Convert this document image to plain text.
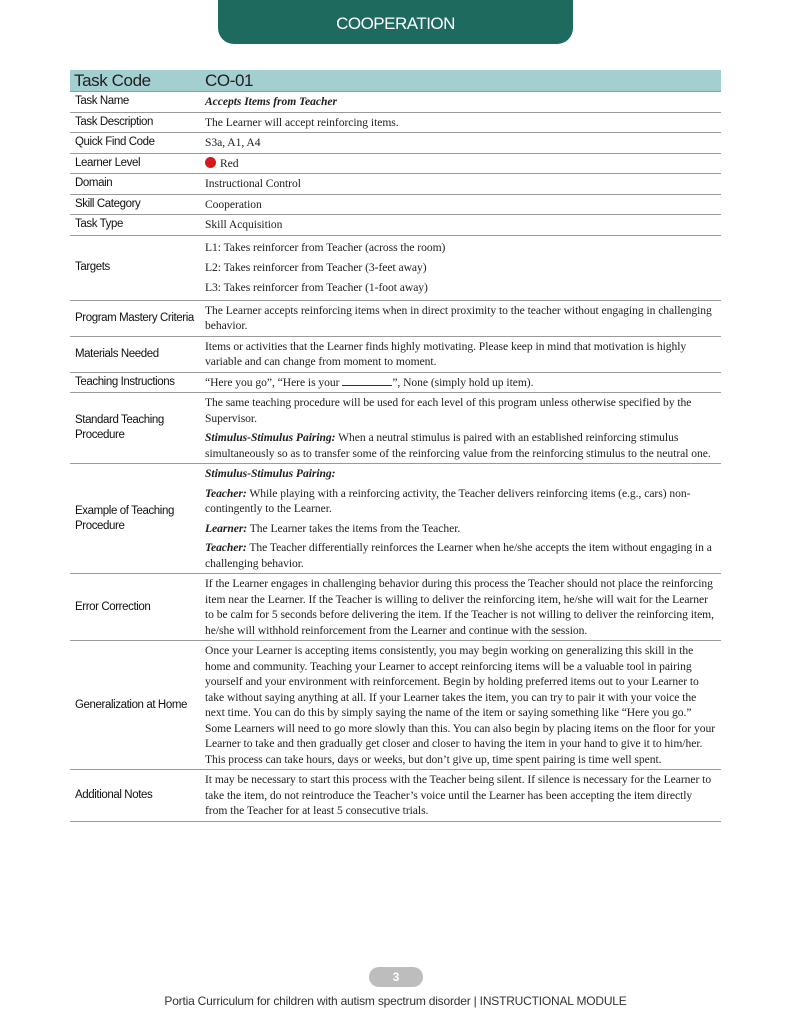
COOPERATION
Task Code	CO-01
Task Name	Accepts Items from Teacher
Task Description	The Learner will accept reinforcing items.
Quick Find Code	S3a, A1, A4
Learner Level	Red
Domain	Instructional Control
Skill Category	Cooperation
Task Type	Skill Acquisition
Targets	L1: Takes reinforcer from Teacher (across the room)
L2: Takes reinforcer from Teacher (3-feet away)
L3: Takes reinforcer from Teacher (1-foot away)

Program Mastery Criteria	The Learner accepts reinforcing items when in direct proximity to the teacher without engaging in challenging behavior.
Materials Needed	Items or activities that the Learner finds highly motivating. Please keep in mind that motivation is highly variable and can change from moment to moment.
Teaching Instructions	“Here you go”, “Here is your ”, None (simply hold up item).
Standard Teaching Procedure	The same teaching procedure will be used for each level of this program unless otherwise specified by the Supervisor.
Stimulus-Stimulus Pairing: When a neutral stimulus is paired with an established reinforcing stimulus simultaneously so as to transfer some of the reinforcing value from the reinforcing stimulus to the neutral one.

Example of Teaching Procedure	Stimulus-Stimulus Pairing:
Teacher: While playing with a reinforcing activity, the Teacher delivers reinforcing items (e.g., cars) non-contingently to the Learner.
Learner: The Learner takes the items from the Teacher.
Teacher: The Teacher differentially reinforces the Learner when he/she accepts the item without engaging in a challenging behavior.

Error Correction	If the Learner engages in challenging behavior during this process the Teacher should not place the reinforcing item near the Learner. If the Teacher is willing to deliver the reinforcing item, he/she will wait for the Learner to be calm for 5 seconds before delivering the item. If the Teacher is not willing to deliver the reinforcing item, he/she will withhold reinforcement from the Learner and continue with the session.
Generalization at Home	Once your Learner is accepting items consistently, you may begin working on generalizing this skill in the home and community. Teaching your Learner to accept reinforcing items will be a valuable tool in pairing yourself and your environment with reinforcement. Begin by holding preferred items out to your Learner to take without saying anything at all. If your Learner takes the item, you can try to pair it with your voice the next time. You can do this by simply saying the name of the item or saying something like “Here you go.” Some Learners will need to go more slowly than this. You can also begin by placing items on the floor for your Learner to take and then gradually get closer and closer to having the item in your hand to give it to him/her. This process can take hours, days or weeks, but don’t give up, time spent pairing is time well spent.
Additional Notes	It may be necessary to start this process with the Teacher being silent. If silence is necessary for the Learner to take the item, do not reintroduce the Teacher’s voice until the Learner has been accepting the item directly from the Teacher for at least 5 consecutive trials.
3
Portia Curriculum for children with autism spectrum disorder | INSTRUCTIONAL MODULE
